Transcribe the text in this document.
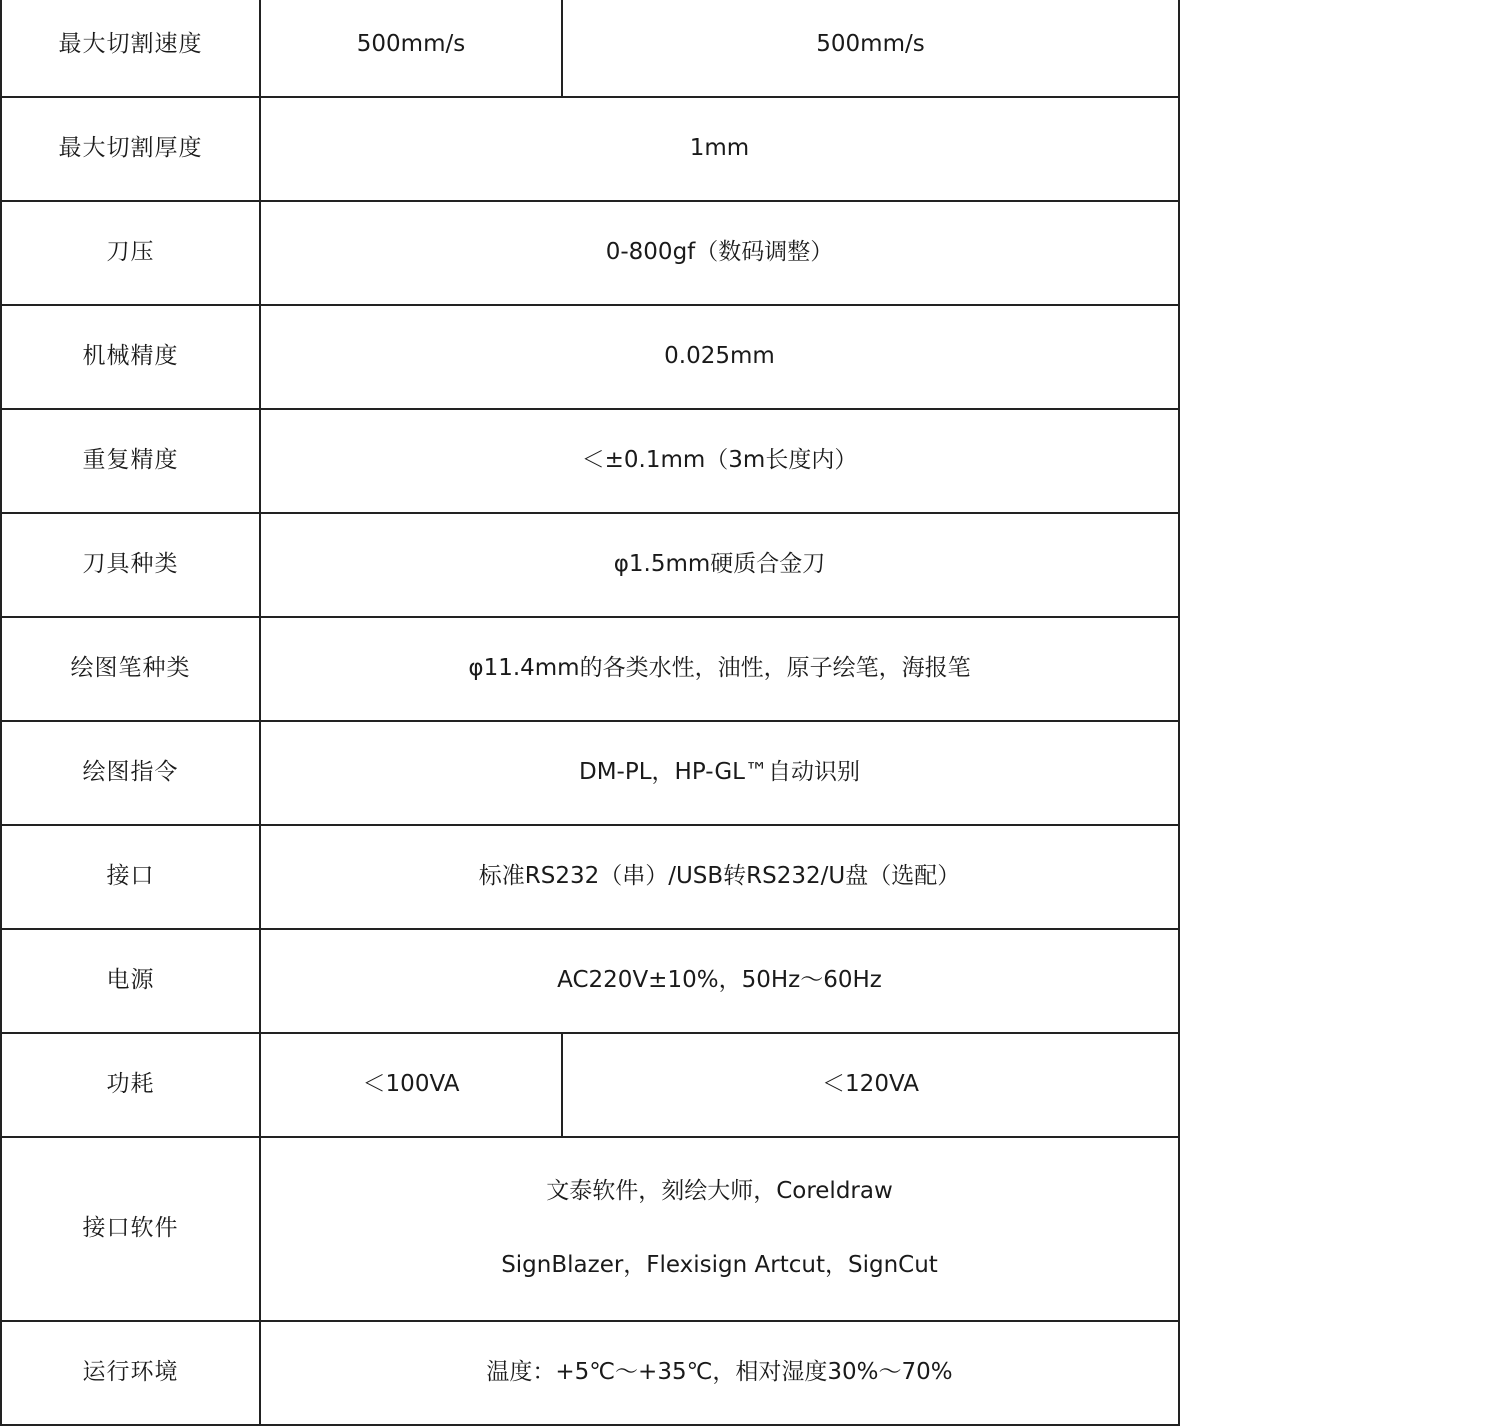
最大切割速度	500mm/s	500mm/s
最大切割厚度	1mm	
刀压	0-800gf（数码调整）	
机械精度	0.025mm	
重复精度	＜±0.1mm（3m长度内）	
刀具种类	φ1.5mm硬质合金刀	
绘图笔种类	φ11.4mm的各类水性，油性，原子绘笔，海报笔	
绘图指令	DM-PL，HP-GL™自动识别	
接口	标准RS232（串）/USB转RS232/U盘（选配）	
电源	AC220V±10%，50Hz～60Hz	
功耗	＜100VA	＜120VA
接口软件	文泰软件，刻绘大师，Coreldraw
SignBlazer，Flexisign Artcut，SignCut	

运行环境	温度：+5℃～+35℃，相对湿度30%～70%	
